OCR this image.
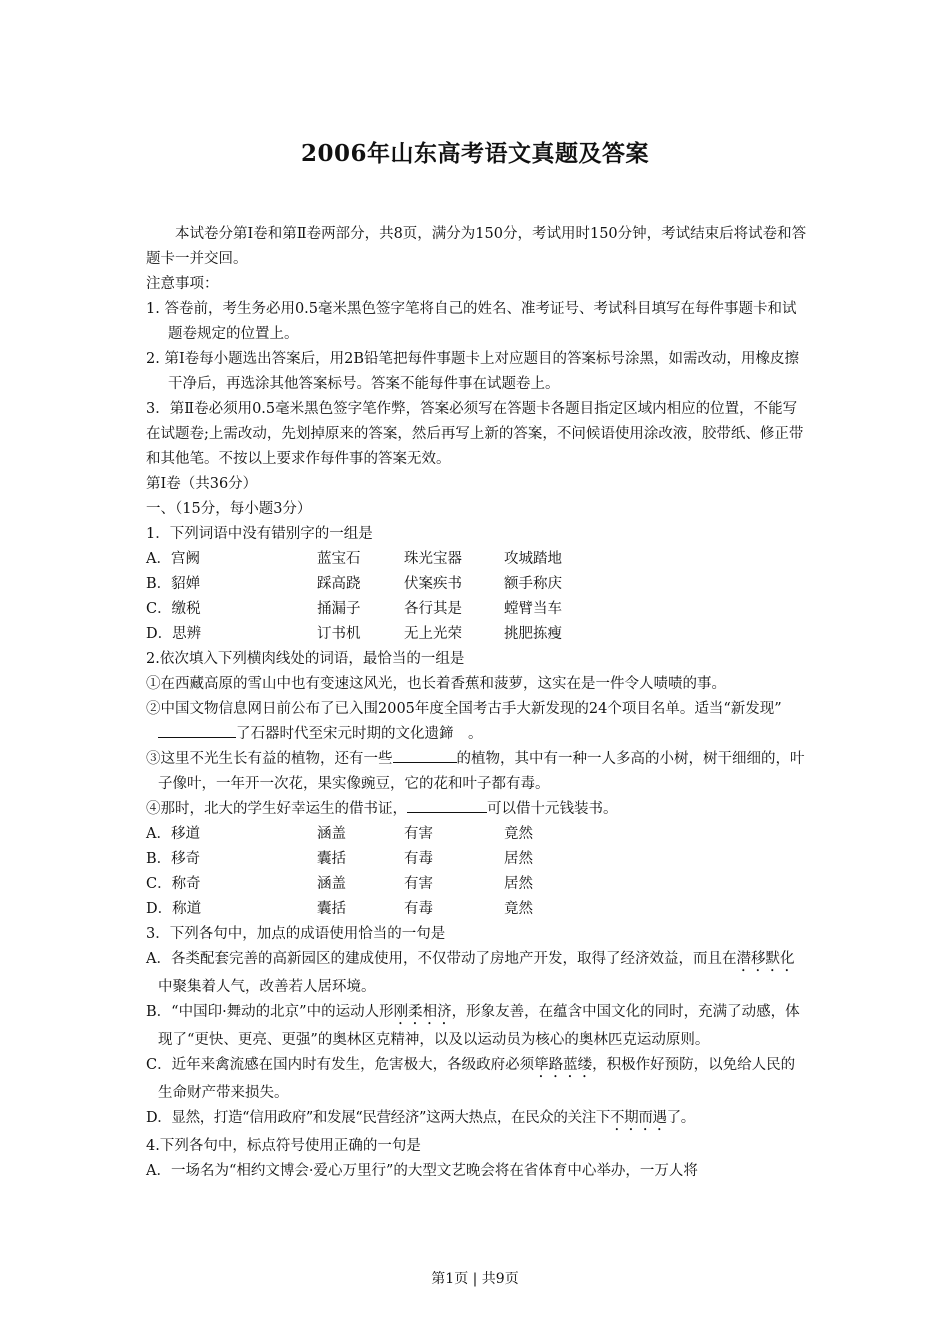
2006年山东高考语文真题及答案

本试卷分第Ⅰ卷和第Ⅱ卷两部分，共8页，满分为150分，考试用时150分钟，考试结束后将试卷和答题卡一并交回。

注意事项：

1. 答卷前，考生务必用0.5毫米黑色签字笔将自己的姓名、准考证号、考试科目填写在每件事题卡和试题卷规定的位置上。

2. 第Ⅰ卷每小题选出答案后，用2B铅笔把每件事题卡上对应题目的答案标号涂黑，如需改动，用橡皮擦干净后，再选涂其他答案标号。答案不能每件事在试题卷上。

3．第Ⅱ卷必须用0.5毫米黑色签字笔作弊，答案必须写在答题卡各题目指定区域内相应的位置，不能写在试题卷;上需改动，先划掉原来的答案，然后再写上新的答案，不问候语使用涂改液，胶带纸、修正带和其他笔。不按以上要求作每件事的答案无效。

第Ⅰ卷（共36分）

一、（15分，每小题3分）

1．下列词语中没有错别字的一组是

A．宫阙	蓝宝石	珠光宝器	攻城踏地
B．貂婵	踩高跷	伏案疾书	额手称庆
C．缴税	捅漏子	各行其是	螳臂当车
D．思辨	订书机	无上光荣	挑肥拣瘦

2.依次填入下列横肉线处的词语，最恰当的一组是

①在西藏高原的雪山中也有变速这风光，也长着香蕉和菠萝，这实在是一件令人啧啧的事。

②中国文物信息网日前公布了已入围2005年度全国考古手大新发现的24个项目名单。适当“新发现”了石器时代至宋元时期的文化遗鍗　。

③这里不光生长有益的植物，还有一些	的植物，其中有一种一人多高的小树，树干细细的，叶子像叶，一年开一次花，果实像豌豆，它的花和叶子都有毒。

④那时，北大的学生好幸运生的借书证，	可以借十元钱装书。

A．移道	涵盖	有害	竟然
B．移奇	囊括	有毒	居然
C．称奇	涵盖	有害	居然
D．称道	囊括	有毒	竟然

3．下列各句中，加点的成语使用恰当的一句是

A．各类配套完善的高新园区的建成使用，不仅带动了房地产开发，取得了经济效益，而且在潜移默化中聚集着人气，改善若人居环境。

B．“中国印·舞动的北京”中的运动人形刚柔相济，形象友善，在蕴含中国文化的同时，充满了动感，体现了“更快、更亮、更强”的奥林区克精神，以及以运动员为核心的奥林匹克运动原则。

C．近年来禽流感在国内时有发生，危害极大，各级政府必须筚路蓝缕，积极作好预防，以免给人民的生命财产带来损失。

D．显然，打造“信用政府”和发展“民营经济”这两大热点，在民众的关注下不期而遇了。

4.下列各句中，标点符号使用正确的一句是

A．一场名为“相约文博会·爱心万里行”的大型文艺晚会将在省体育中心举办，一万人将

第1页 | 共9页
